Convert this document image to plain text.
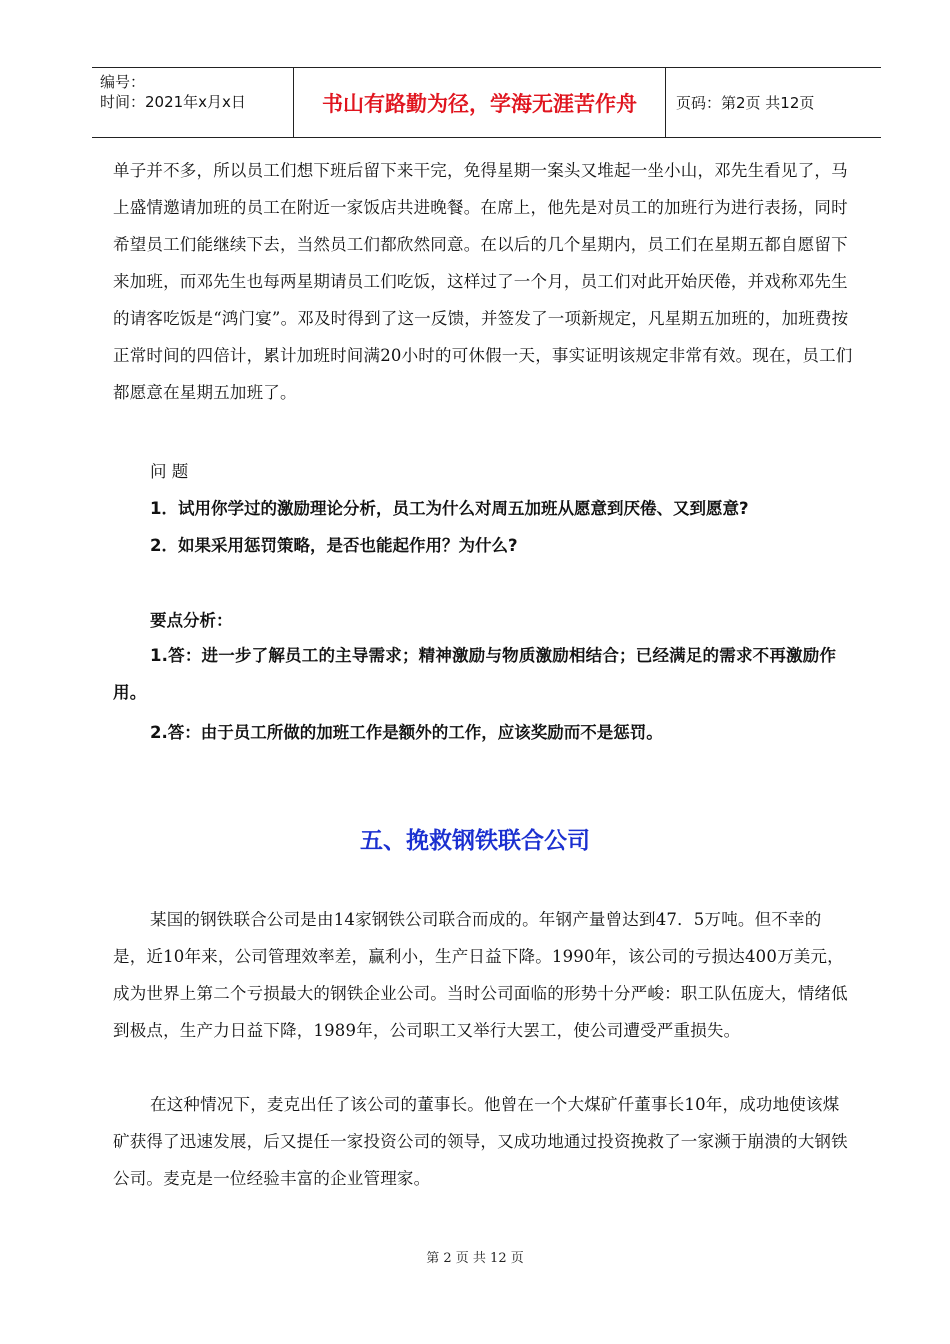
编号：
时间：2021年x月x日	书山有路勤为径，学海无涯苦作舟	页码：第2页 共12页

单子并不多，所以员工们想下班后留下来干完，免得星期一案头又堆起一坐小山，邓先生看见了，马上盛情邀请加班的员工在附近一家饭店共进晚餐。在席上，他先是对员工的加班行为进行表扬，同时希望员工们能继续下去，当然员工们都欣然同意。在以后的几个星期内，员工们在星期五都自愿留下来加班，而邓先生也每两星期请员工们吃饭，这样过了一个月，员工们对此开始厌倦，并戏称邓先生的请客吃饭是“鸿门宴”。邓及时得到了这一反馈，并签发了一项新规定，凡星期五加班的，加班费按正常时间的四倍计，累计加班时间满20小时的可休假一天，事实证明该规定非常有效。现在，员工们都愿意在星期五加班了。

问 题

1．试用你学过的激励理论分析，员工为什么对周五加班从愿意到厌倦、又到愿意?

2．如果采用惩罚策略，是否也能起作用？为什么?

要点分析：

1.答：进一步了解员工的主导需求；精神激励与物质激励相结合；已经满足的需求不再激励作用。

2.答：由于员工所做的加班工作是额外的工作，应该奖励而不是惩罚。

五、挽救钢铁联合公司

某国的钢铁联合公司是由14家钢铁公司联合而成的。年钢产量曾达到47．5万吨。但不幸的是，近10年来，公司管理效率差，赢利小，生产日益下降。1990年，该公司的亏损达400万美元，成为世界上第二个亏损最大的钢铁企业公司。当时公司面临的形势十分严峻：职工队伍庞大，情绪低到极点，生产力日益下降，1989年，公司职工又举行大罢工，使公司遭受严重损失。

在这种情况下，麦克出任了该公司的董事长。他曾在一个大煤矿仟董事长10年，成功地使该煤矿获得了迅速发展，后又提任一家投资公司的领导，又成功地通过投资挽救了一家濒于崩溃的大钢铁公司。麦克是一位经验丰富的企业管理家。

第 2 页 共 12 页
